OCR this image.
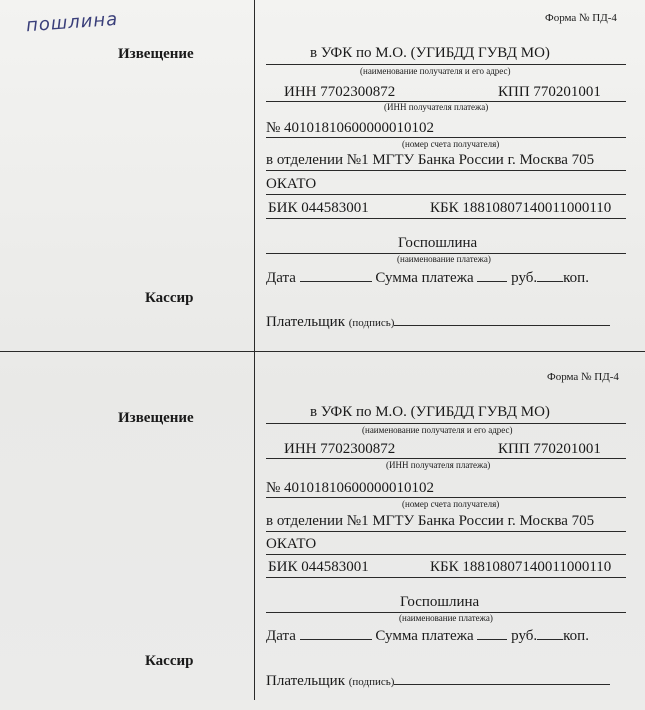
пошлина
Извещение
Кассир
Форма № ПД-4
в УФК по М.О. (УГИБДД ГУВД МО)
(наименование получателя и его адрес)
ИНН 7702300872	КПП 770201001
(ИНН получателя платежа)
№ 40101810600000010102
(номер счета получателя)
в отделении №1 МГТУ Банка России г. Москва 705
ОКАТО
БИК 044583001	КБК 18810807140011000110
Госпошлина
(наименование платежа)
Дата	Сумма платежа	руб. коп.
Плательщик (подпись)
Извещение
Кассир
Форма № ПД-4
в УФК по М.О. (УГИБДД ГУВД МО)
(наименование получателя и его адрес)
ИНН 7702300872	КПП 770201001
(ИНН получателя платежа)
№ 40101810600000010102
(номер счета получателя)
в отделении №1 МГТУ Банка России г. Москва 705
ОКАТО
БИК 044583001	КБК 18810807140011000110
Госпошлина
(наименование платежа)
Дата	Сумма платежа	руб. коп.
Плательщик (подпись)
